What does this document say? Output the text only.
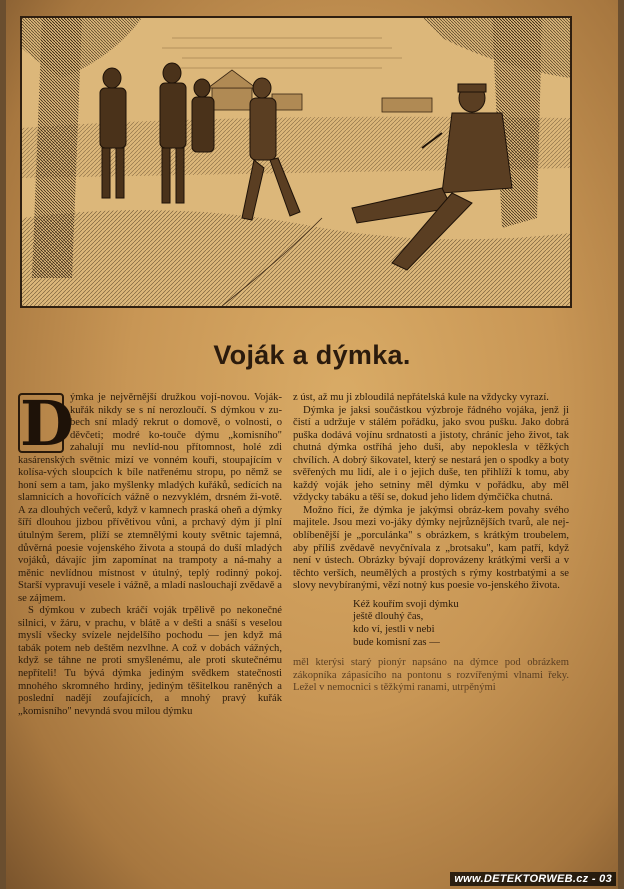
Voják a dýmka.

D
ýmka je nejvěrnější družkou vojí-novou. Voják-kuřák nikdy se s ní nerozloučí. S dýmkou v zu-bech sní mladý rekrut o domově, o volnosti, o děvčeti; modré ko-touče dýmu „komisního" zahalují mu nevlíd-nou přítomnost, holé zdi kasárenských světnic mizí ve vonném kouři, stoupajícím v kolísa-vých sloupcích k bíle natřenému stropu, po němž se honí sem a tam, jako myšlenky mladých kuřáků, sedících na slamnicích a hovořících vážně o nezvyklém, drsném ži-votě. A za dlouhých večerů, když v kamnech praská oheň a dýmky šíří dlouhou jizbou přívětivou vůni, a prchavý dým jí plní útulným šerem, plíží se ztemnělými kouty světnic tajemná, důvěrná poesie vojenského života a stoupá do duší mladých vojáků, dávajíc jim zapomínat na trampoty a ná-mahy a měnic nevlídnou místnost v útulný, teplý rodinný pokoj. Starší vypravují vesele i vážně, a mladí naslouchají zvědavě a se zájmem.

S dýmkou v zubech kráčí voják trpělivě po nekonečné silnici, v žáru, v prachu, v blátě a v dešti a snáší s veselou myslí všecky svízele nejdelšího pochodu — jen když má tabák potem neb deštěm nezvlhne. A což v dobách vážných, když se táhne ne proti smyšlenému, ale proti skutečnému nepříteli! Tu bývá dýmka jediným svědkem statečnosti mnohého skromného hrdiny, jediným těšitelkou raněných a poslední nadějí zoufajících, a mnohý pravý kuřák „komisního" nevyndá svou milou dýmku

z úst, až mu ji zbloudilá nepřátelská kule na vždycky vyrazí.

Dýmka je jaksi součástkou výzbroje řádného vojáka, jenž ji čistí a udržuje v stálém pořádku, jako svou pušku. Jako dobrá puška dodává vojínu srdnatosti a jistoty, chráníc jeho život, tak chutná dýmka ostříhá jeho duši, aby nepoklesla v těžkých chvílích. A dobrý šikovatel, který se nestará jen o spodky a boty svěřených mu lidí, ale i o jejich duše, ten přihlíží k tomu, aby každý voják jeho setniny měl dýmku v pořádku, aby měl vždycky tabáku a těší se, dokud jeho lidem dýmčička chutná.

Možno říci, že dýmka je jakýmsi obráz-kem povahy svého majitele. Jsou mezi vo-jáky dýmky nejrůznějších tvarů, ale nej-oblíbenější je „porculánka" s obrázkem, s krátkým troubelem, aby příliš zvědavě nevyčnívala z „brotsaku", kam patří, když není v ústech. Obrázky bývají doprovázeny krátkými verši a v těchto verších, neumělých a prostých s rýmy kostrbatými a se slovy nevybíranými, vězí notný kus poesie vo-jenského života.

Kéž kouřím svoji dýmku
ještě dlouhý čas,
kdo ví, jestli v nebi
bude komisní zas —

měl kterýsi starý pionýr napsáno na dýmce pod obrázkem zákopníka zápasícího na pontonu s rozvířenými vlnami řeky. Ležel v nemocnici s těžkými ranami, utrpěnými

www.DETEKTORWEB.cz - 03
